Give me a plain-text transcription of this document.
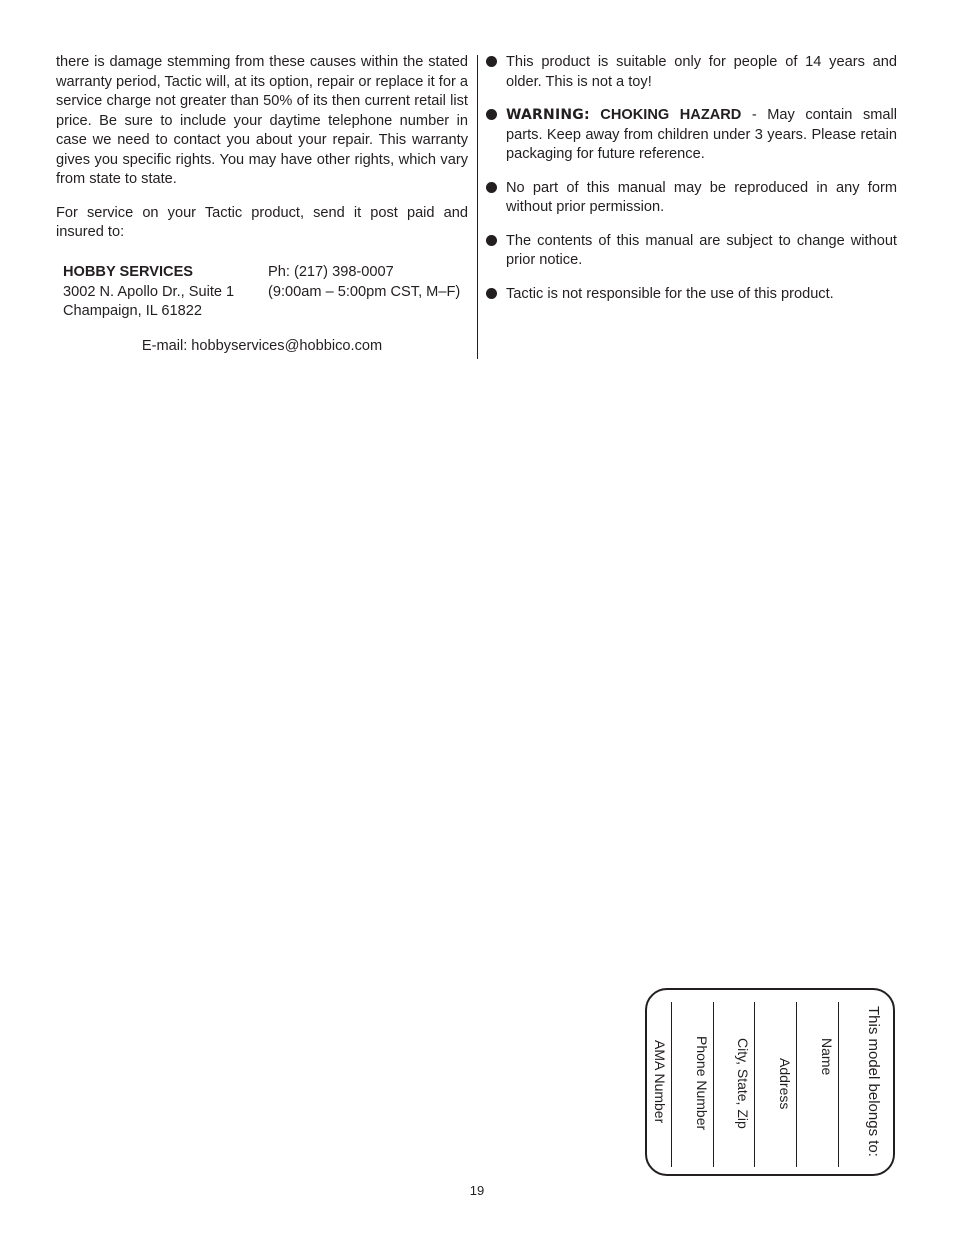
there is damage stemming from these causes within the stated warranty period, Tactic will, at its option, repair or replace it for a service charge not greater than 50% of its then current retail list price. Be sure to include your daytime telephone number in case we need to contact you about your repair. This warranty gives you specific rights. You may have other rights, which vary from state to state.

For service on your Tactic product, send it post paid and insured to:

HOBBY SERVICES
3002 N. Apollo Dr., Suite 1
Champaign, IL 61822
Ph: (217) 398-0007
(9:00am – 5:00pm CST, M–F)
E-mail: hobbyservices@hobbico.com
This product is suitable only for people of 14 years and older. This is not a toy!
WARNING: CHOKING HAZARD - May contain small parts. Keep away from children under 3 years. Please retain packaging for future reference.
No part of this manual may be reproduced in any form without prior permission.
The contents of this manual are subject to change without prior notice.
Tactic is not responsible for the use of this product.
This model belongs to:
Name
Address
City, State, Zip
Phone Number
AMA Number
19
